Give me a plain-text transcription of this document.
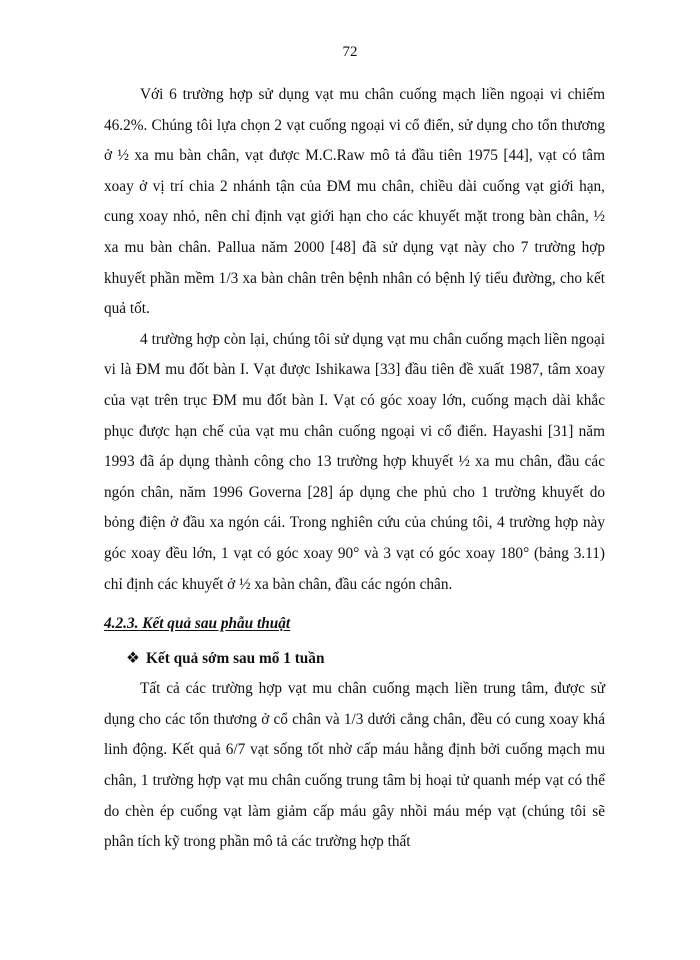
72

Với 6 trường hợp sử dụng vạt mu chân cuống mạch liền ngoại vi chiếm 46.2%. Chúng tôi lựa chọn 2 vạt cuống ngoại vi cổ điển, sử dụng cho tổn thương ở ½ xa mu bàn chân, vạt được M.C.Raw mô tả đầu tiên 1975 [44], vạt có tâm xoay ở vị trí chia 2 nhánh tận của ĐM mu chân, chiều dài cuống vạt giới hạn, cung xoay nhỏ, nên chỉ định vạt giới hạn cho các khuyết mặt trong bàn chân, ½ xa mu bàn chân. Pallua năm 2000 [48] đã sử dụng vạt này cho 7 trường hợp khuyết phần mềm 1/3 xa bàn chân trên bệnh nhân có bệnh lý tiểu đường, cho kết quả tốt.

4 trường hợp còn lại, chúng tôi sử dụng vạt mu chân cuống mạch liền ngoại vi là ĐM mu đốt bàn I. Vạt được Ishikawa [33] đầu tiên đề xuất 1987, tâm xoay của vạt trên trục ĐM mu đốt bàn I. Vạt có góc xoay lớn, cuống mạch dài khắc phục được hạn chế của vạt mu chân cuống ngoại vi cổ điển. Hayashi [31] năm 1993 đã áp dụng thành công cho 13 trường hợp khuyết ½ xa mu chân, đầu các ngón chân, năm 1996 Governa [28] áp dụng che phủ cho 1 trường khuyết do bỏng điện ở đầu xa ngón cái. Trong nghiên cứu của chúng tôi, 4 trường hợp này góc xoay đều lớn, 1 vạt có góc xoay 90° và 3 vạt có góc xoay 180° (bảng 3.11) chỉ định các khuyết ở ½ xa bàn chân, đầu các ngón chân.

4.2.3. Kết quả sau phẫu thuật
❖ Kết quả sớm sau mổ 1 tuần

Tất cả các trường hợp vạt mu chân cuống mạch liền trung tâm, được sử dụng cho các tổn thương ở cổ chân và 1/3 dưới cẳng chân, đều có cung xoay khá linh động. Kết quả 6/7 vạt sống tốt nhờ cấp máu hằng định bởi cuống mạch mu chân, 1 trường hợp vạt mu chân cuống trung tâm bị hoại tử quanh mép vạt có thể do chèn ép cuống vạt làm giảm cấp máu gây nhồi máu mép vạt (chúng tôi sẽ phân tích kỹ trong phần mô tả các trường hợp thất
